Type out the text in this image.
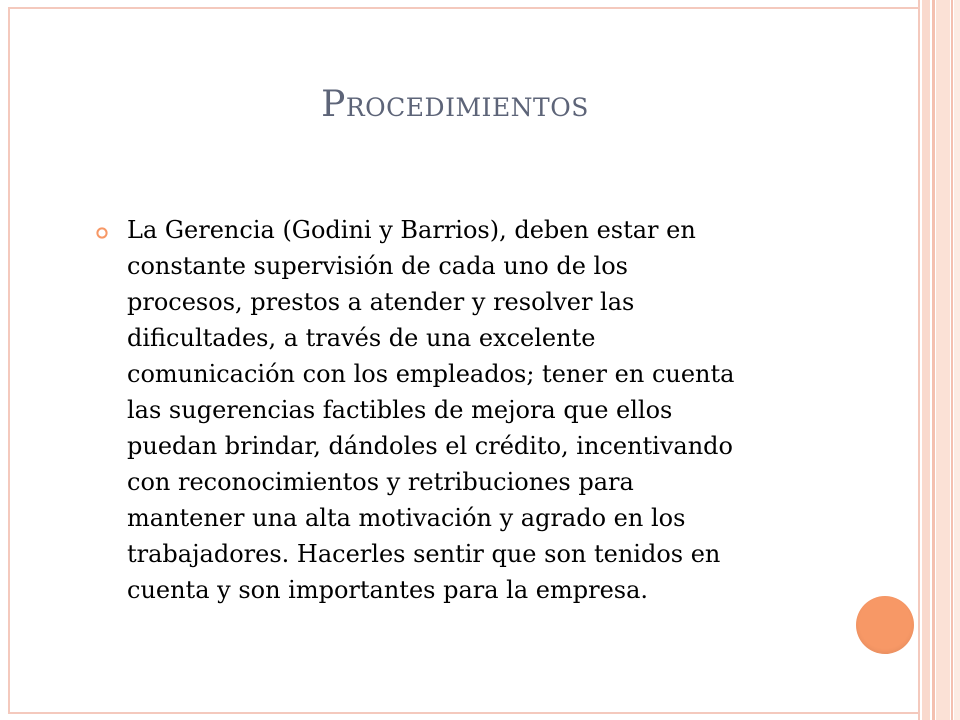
Procedimientos

La Gerencia (Godini y Barrios), deben estar en
constante supervisión de cada uno de los
procesos, prestos a atender y resolver las
dificultades, a través de una excelente
comunicación con los empleados; tener en cuenta
las sugerencias factibles de mejora que ellos
puedan brindar, dándoles el crédito, incentivando
con reconocimientos y retribuciones para
mantener una alta motivación y agrado en los
trabajadores. Hacerles sentir que son tenidos en
cuenta y son importantes para la empresa.
